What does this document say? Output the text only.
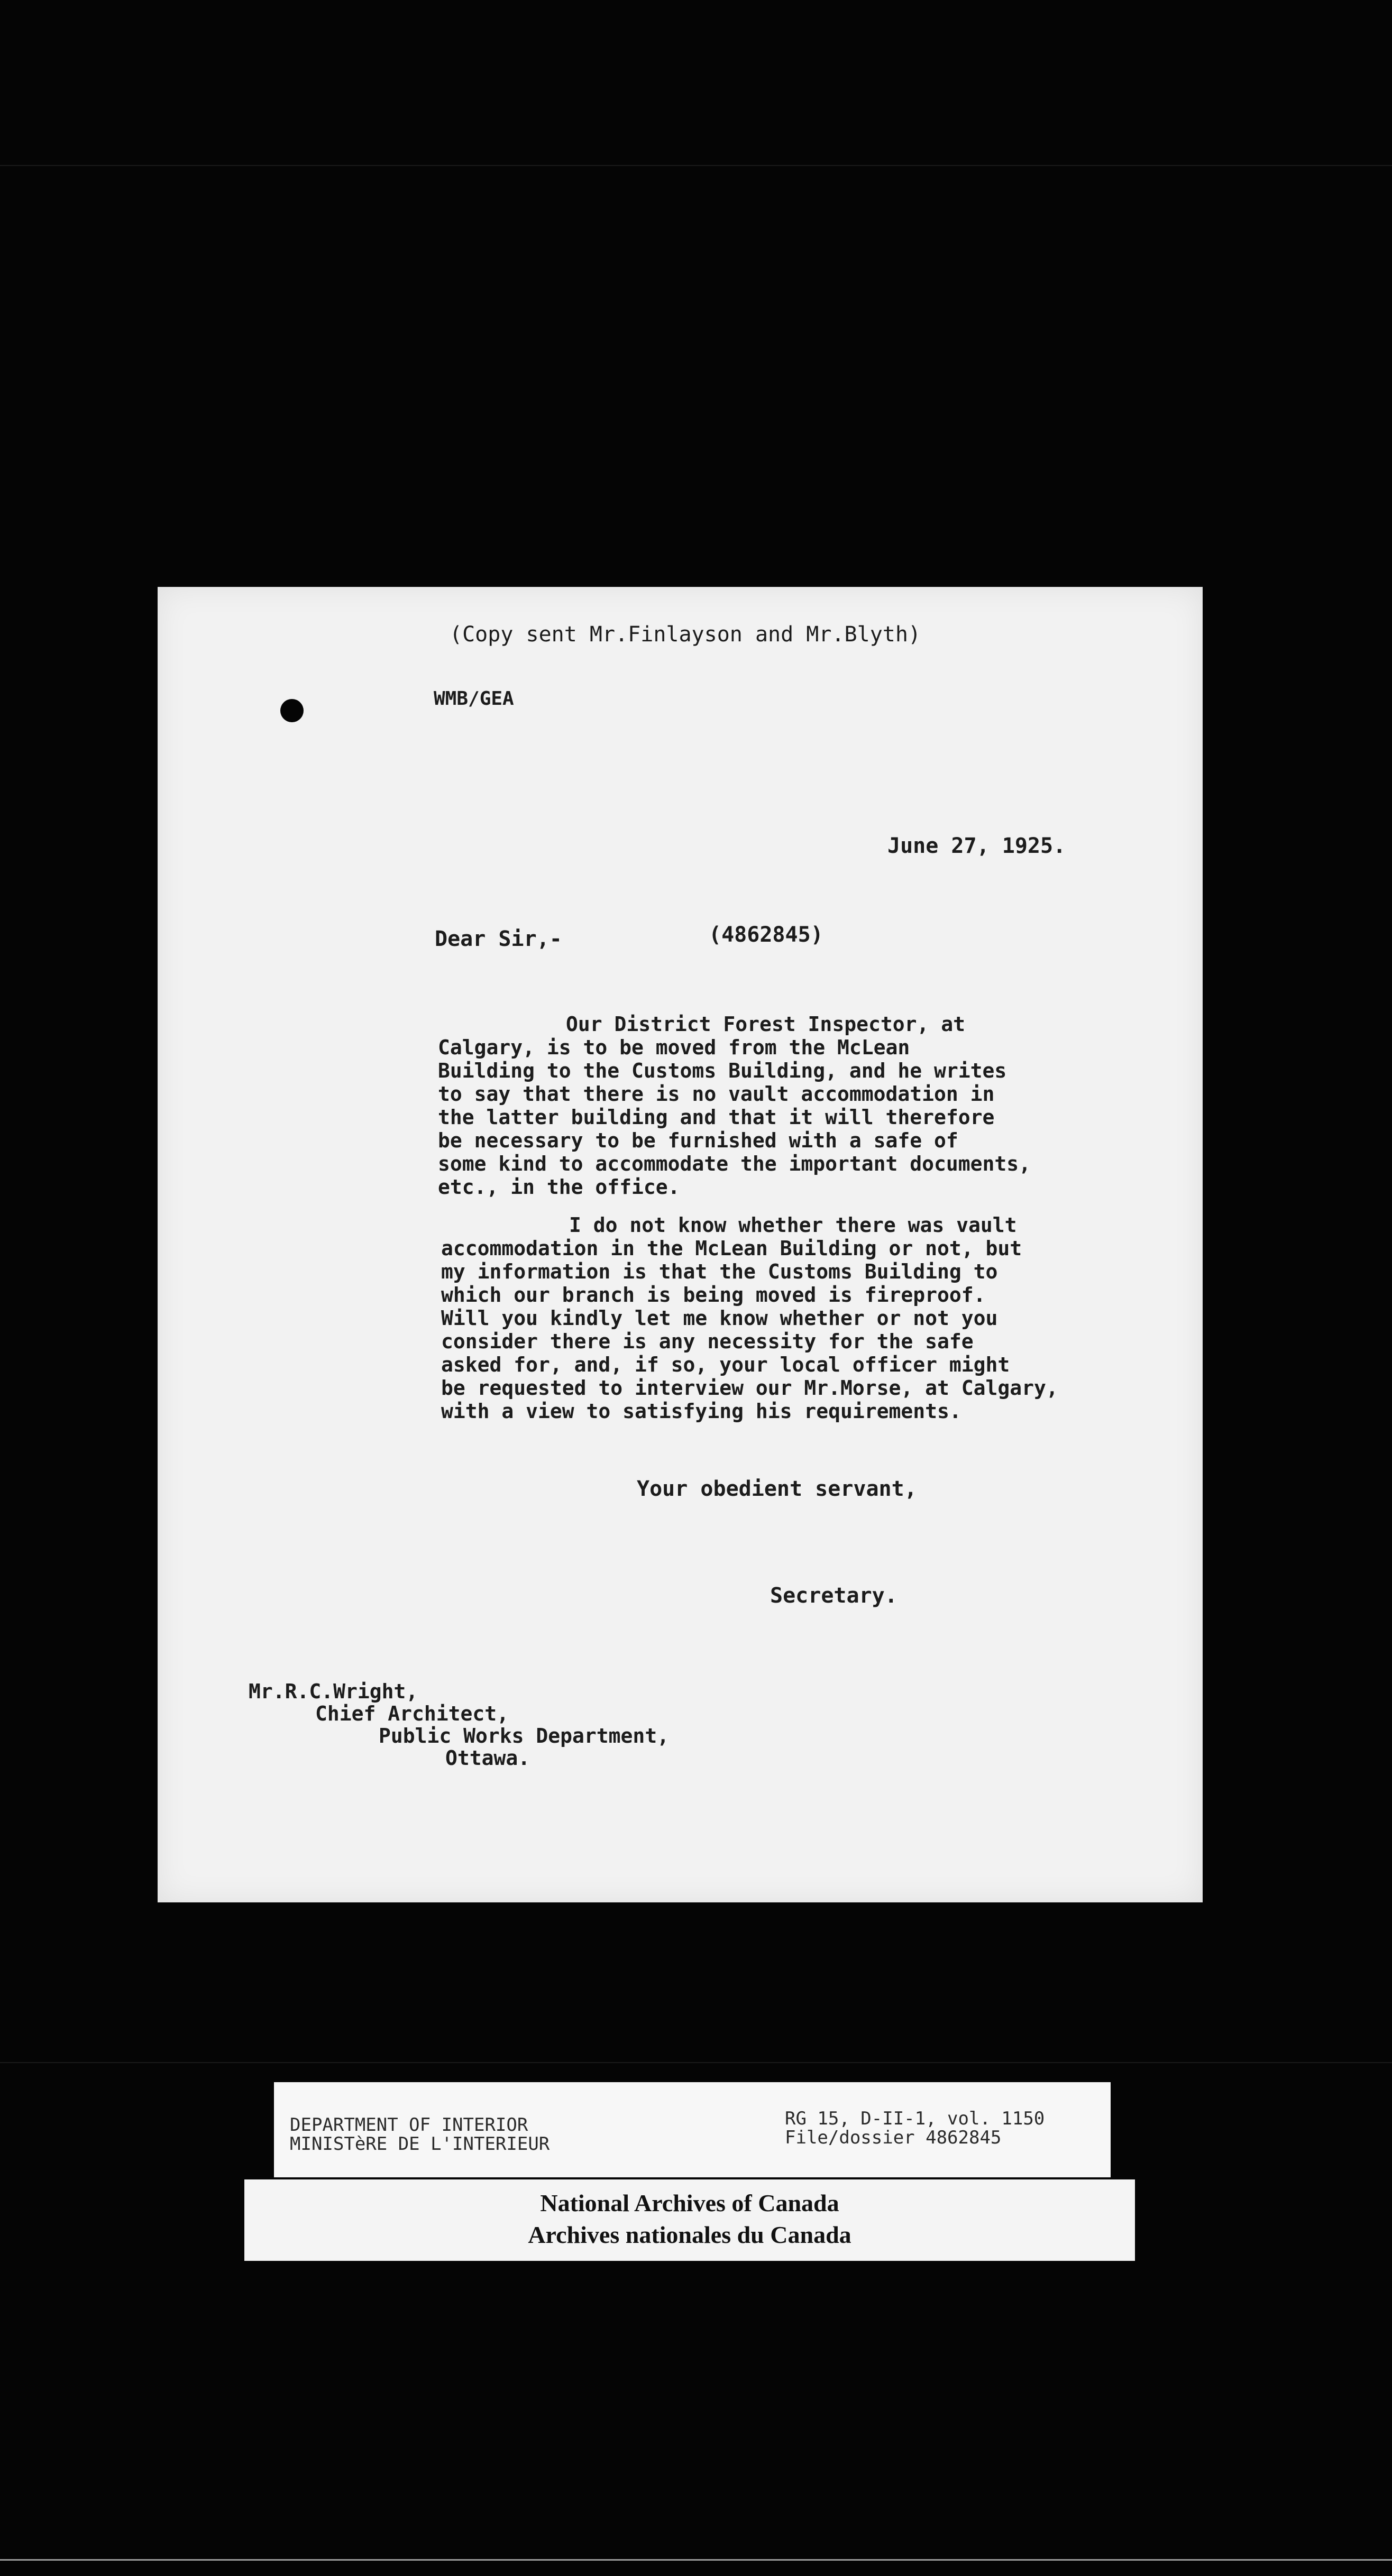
(Copy sent Mr.Finlayson and Mr.Blyth)
WMB/GEA
June 27, 1925.
Dear Sir,-	(4862845)
Our District Forest Inspector, at
Calgary, is to be moved from the McLean
Building to the Customs Building, and he writes
to say that there is no vault accommodation in
the latter building and that it will therefore
be necessary to be furnished with a safe of
some kind to accommodate the important documents,
etc., in the office.
I do not know whether there was vault
accommodation in the McLean Building or not, but
my information is that the Customs Building to
which our branch is being moved is fireproof.
Will you kindly let me know whether or not you
consider there is any necessity for the safe
asked for, and, if so, your local officer might
be requested to interview our Mr.Morse, at Calgary,
with a view to satisfying his requirements.
Your obedient servant,
Secretary.
Mr.R.C.Wright,
Chief Architect,
Public Works Department,
Ottawa.
DEPARTMENT OF INTERIOR
MINISTèRE DE L'INTERIEUR
RG 15, D-II-1, vol. 1150
File/dossier 4862845
National Archives of Canada
Archives nationales du Canada
